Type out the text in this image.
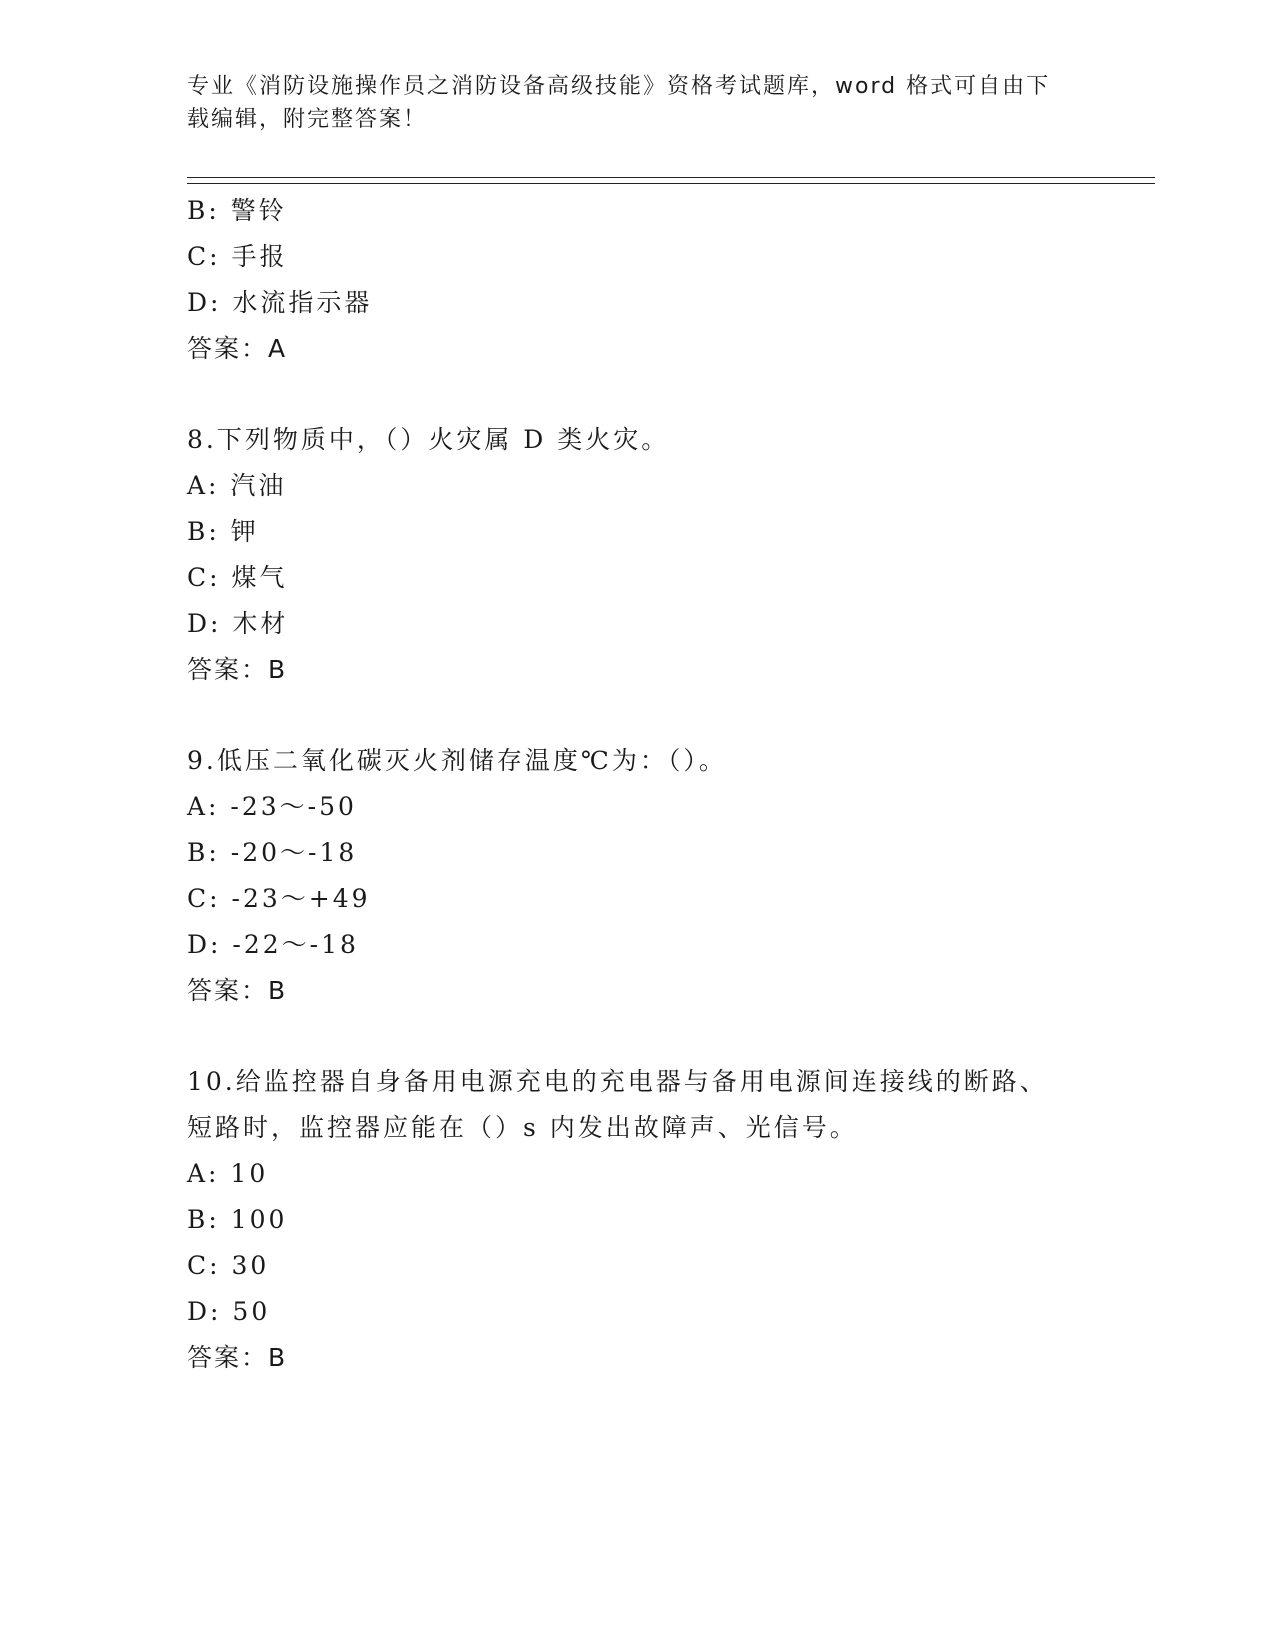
专业《消防设施操作员之消防设备高级技能》资格考试题库，word 格式可自由下
载编辑，附完整答案！
B: 警铃
C: 手报
D: 水流指示器
答案：A
8.下列物质中，（）火灾属 D 类火灾。
A: 汽油
B: 钾
C: 煤气
D: 木材
答案：B
9.低压二氧化碳灭火剂储存温度℃为：（）。
A: -23～-50
B: -20～-18
C: -23～+49
D: -22～-18
答案：B
10.给监控器自身备用电源充电的充电器与备用电源间连接线的断路、
短路时，监控器应能在（）s 内发出故障声、光信号。
A: 10
B: 100
C: 30
D: 50
答案：B
